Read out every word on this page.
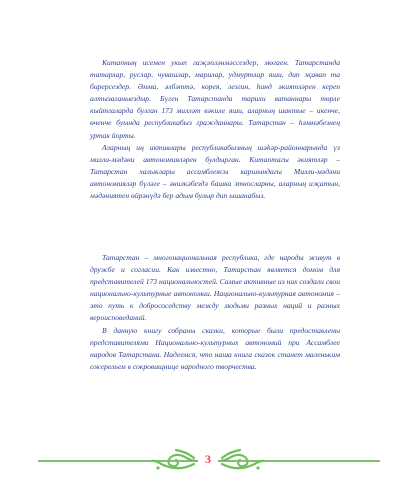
Китапның исемен укып гаҗәпләнмәссездер, мөгаен. Татарстанда татарлар, руслар, чувашлар, марилар, удмуртлар яши, дип җавап та бирерсездер. Әмма, әлбәттә, корея, лезгин, һинд әкиятләрен кереп алтызаганыездыр. Бүген Татарстанда тарихи ватаннары төрле кыйтгаларда булган 173 милләт вәкиле яши, аларның шактые – икенче, өченче буында республикабыз гражданнары. Татарстан – һәммәбезнең уртак йорты.

Аларның иң активлары республикабызның шәһәр-районнарында үз милли-мәдәни автономияләрен булдырган. Китаптагы әкиятләр – Татарстан халыклары ассамблеясы каршындагы Милли-мәдәни автономияләр бүләге – әнилкәбездә башка этносларны, аларның иҗатын, мәдәниятен өйрәнүдә бер адым булыр дип ышанабыз.

Татарстан – многонациональная республика, где народы живут в дружбе и согласии. Как известно, Татарстан является домом для представителей 173 национальностей. Самые активные из них создали свои национально-культурные автономии. Национально-культурная автономия – это путь к добрососедству между людьми разных наций и разных вероисповеданий.

В данную книгу собраны сказки, которые были предоставлены представителями Национально-культурных автономий при Ассамблее народов Татарстана. Надеемся, что наша книга сказок станет маленьким ожерельем в сокровищнице народного творчества.

3
